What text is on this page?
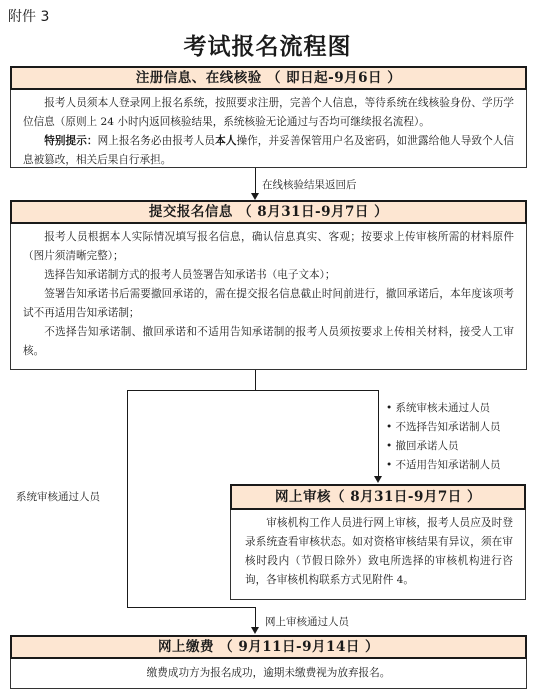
附件 3
考试报名流程图
注册信息、在线核验 （ 即日起-9月6日 ）

报考人员须本人登录网上报名系统，按照要求注册，完善个人信息，等待系统在线核验身份、学历学位信息（原则上 24 小时内返回核验结果，系统核验无论通过与否均可继续报名流程）。

特别提示：网上报名务必由报考人员本人操作，并妥善保管用户名及密码，如泄露给他人导致个人信息被篡改，相关后果自行承担。

在线核验结果返回后
提交报名信息 （ 8月31日-9月7日 ）

报考人员根据本人实际情况填写报名信息，确认信息真实、客观；按要求上传审核所需的材料原件（图片须清晰完整）；

选择告知承诺制方式的报考人员签署告知承诺书（电子文本）；

签署告知承诺书后需要撤回承诺的，需在提交报名信息截止时间前进行，撤回承诺后，本年度该项考试不再适用告知承诺制；

不选择告知承诺制、撤回承诺和不适用告知承诺制的报考人员须按要求上传相关材料，接受人工审核。

系统审核通过人员
• 系统审核未通过人员
• 不选择告知承诺制人员
• 撤回承诺人员
• 不适用告知承诺制人员
网上审核（ 8月31日-9月7日 ）

审核机构工作人员进行网上审核，报考人员应及时登录系统查看审核状态。如对资格审核结果有异议，须在审核时段内（节假日除外）致电所选择的审核机构进行咨询，各审核机构联系方式见附件 4。

网上审核通过人员
网上缴费 （ 9月11日-9月14日 ）
缴费成功方为报名成功，逾期未缴费视为放弃报名。
